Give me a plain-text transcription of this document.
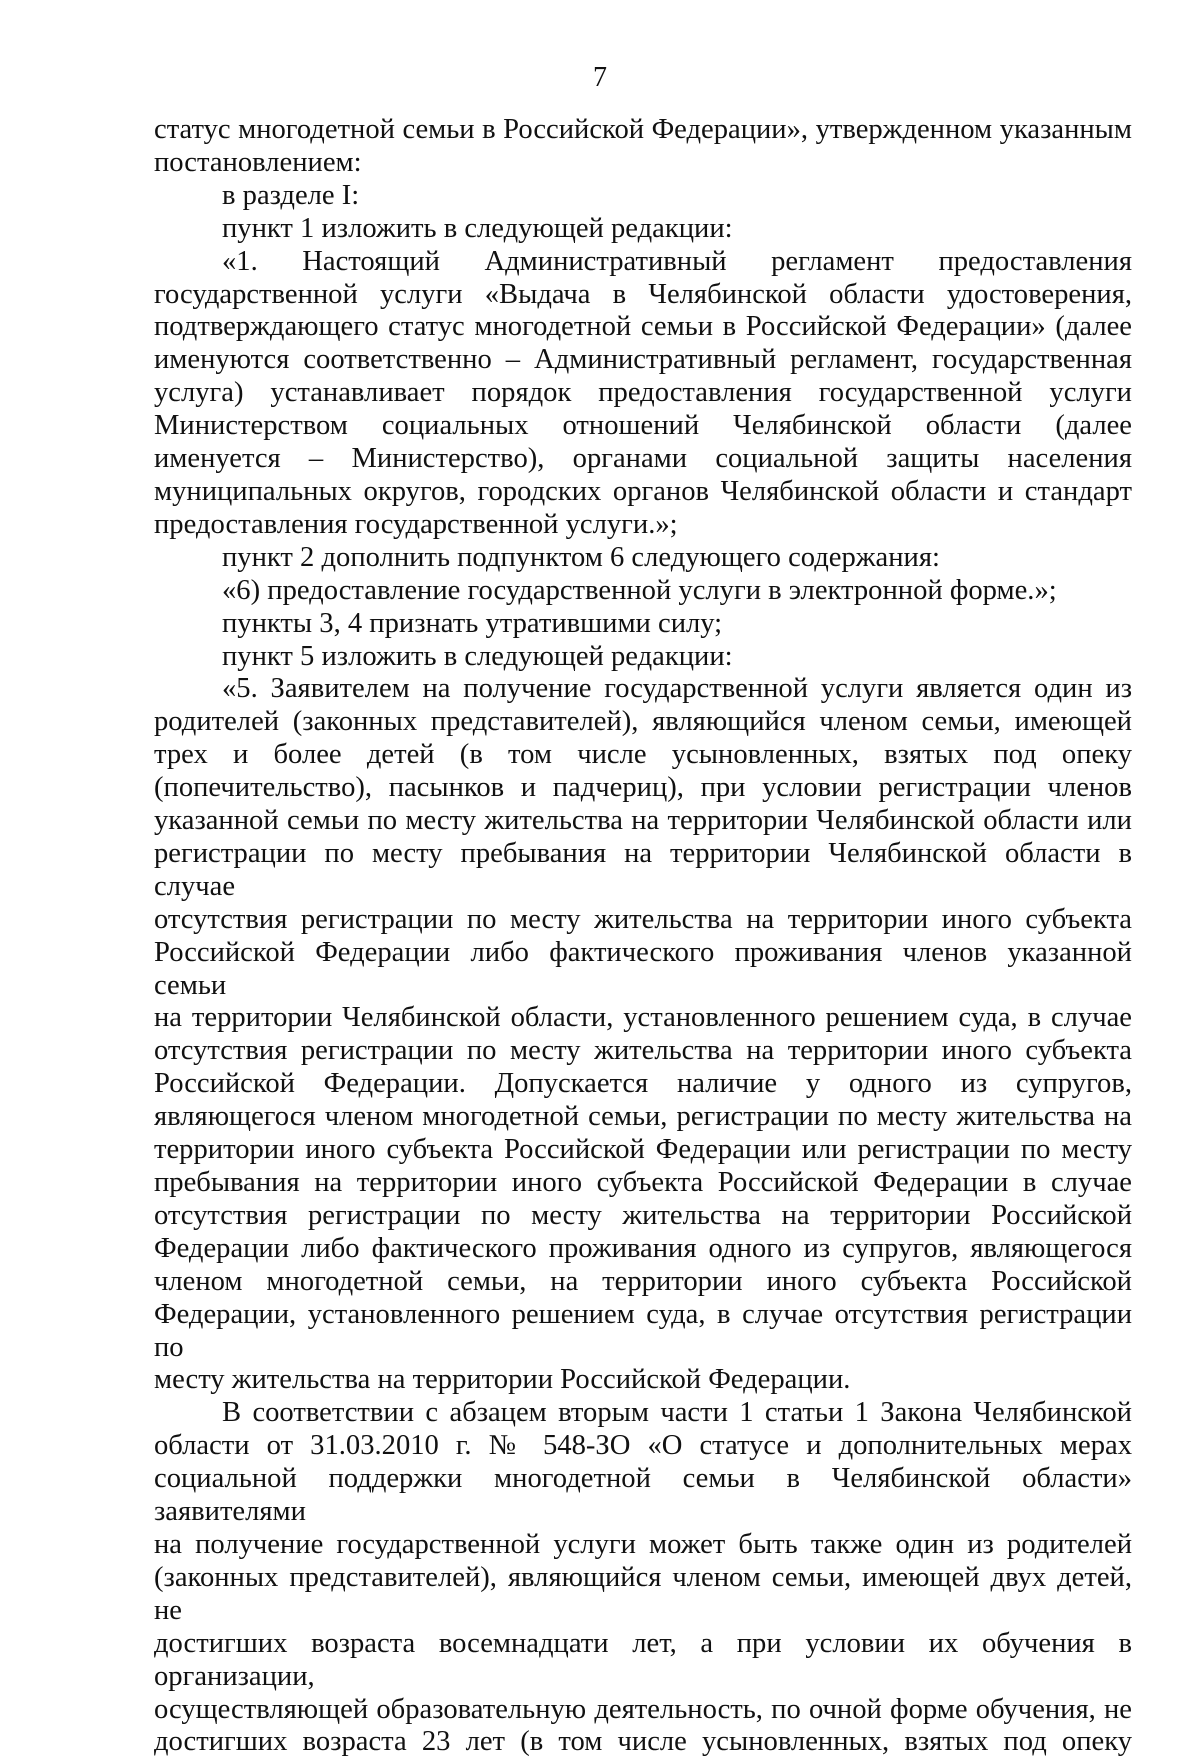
7
статус многодетной семьи в Российской Федерации», утвержденном указанным
постановлением:
в разделе I:
пункт 1 изложить в следующей редакции:
«1. Настоящий Административный регламент предоставления
государственной услуги «Выдача в Челябинской области удостоверения,
подтверждающего статус многодетной семьи в Российской Федерации» (далее
именуются соответственно – Административный регламент, государственная
услуга) устанавливает порядок предоставления государственной услуги
Министерством социальных отношений Челябинской области (далее
именуется – Министерство), органами социальной защиты населения
муниципальных округов, городских органов Челябинской области и стандарт
предоставления государственной услуги.»;
пункт 2 дополнить подпунктом 6 следующего содержания:
«6) предоставление государственной услуги в электронной форме.»;
пункты 3, 4 признать утратившими силу;
пункт 5 изложить в следующей редакции:
«5. Заявителем на получение государственной услуги является один из
родителей (законных представителей), являющийся членом семьи, имеющей
трех и более детей (в том числе усыновленных, взятых под опеку
(попечительство), пасынков и падчериц), при условии регистрации членов
указанной семьи по месту жительства на территории Челябинской области или
регистрации по месту пребывания на территории Челябинской области в случае
отсутствия регистрации по месту жительства на территории иного субъекта
Российской Федерации либо фактического проживания членов указанной семьи
на территории Челябинской области, установленного решением суда, в случае
отсутствия регистрации по месту жительства на территории иного субъекта
Российской Федерации. Допускается наличие у одного из супругов,
являющегося членом многодетной семьи, регистрации по месту жительства на
территории иного субъекта Российской Федерации или регистрации по месту
пребывания на территории иного субъекта Российской Федерации в случае
отсутствия регистрации по месту жительства на территории Российской
Федерации либо фактического проживания одного из супругов, являющегося
членом многодетной семьи, на территории иного субъекта Российской
Федерации, установленного решением суда, в случае отсутствия регистрации по
месту жительства на территории Российской Федерации.
В соответствии с абзацем вторым части 1 статьи 1 Закона Челябинской
области от 31.03.2010 г. № 548-ЗО «О статусе и дополнительных мерах
социальной поддержки многодетной семьи в Челябинской области» заявителями
на получение государственной услуги может быть также один из родителей
(законных представителей), являющийся членом семьи, имеющей двух детей, не
достигших возраста восемнадцати лет, а при условии их обучения в организации,
осуществляющей образовательную деятельность, по очной форме обучения, не
достигших возраста 23 лет (в том числе усыновленных, взятых под опеку
